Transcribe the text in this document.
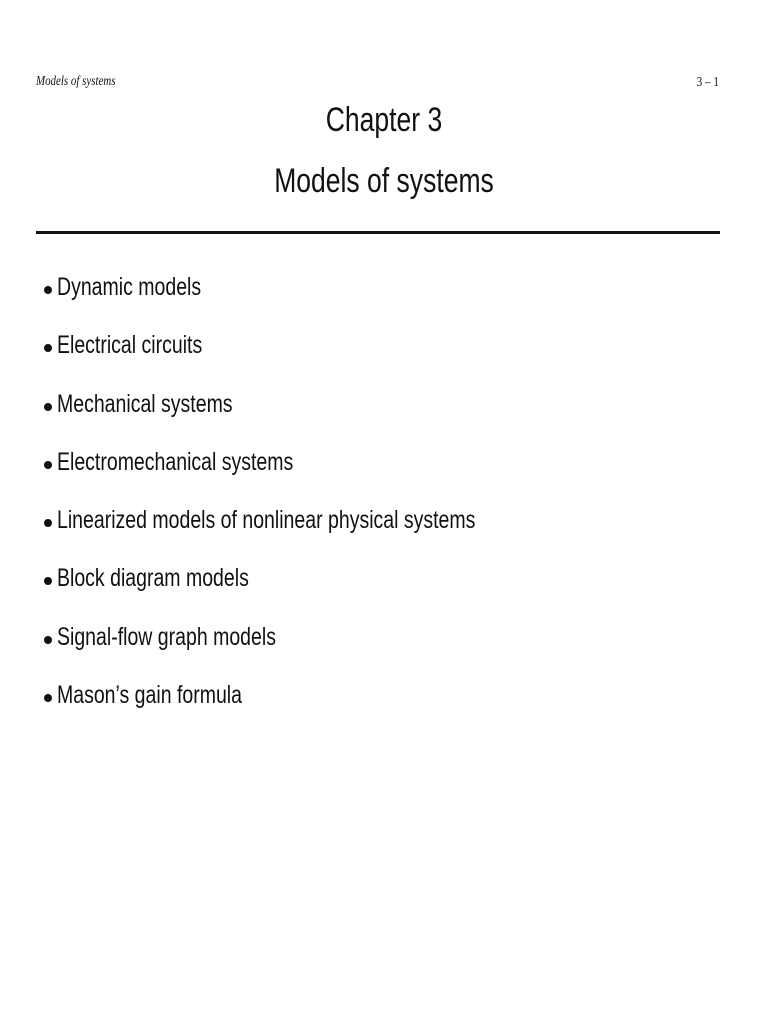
Models of systems	3 – 1
Chapter 3
Models of systems
Dynamic models
Electrical circuits
Mechanical systems
Electromechanical systems
Linearized models of nonlinear physical systems
Block diagram models
Signal-flow graph models
Mason’s gain formula
